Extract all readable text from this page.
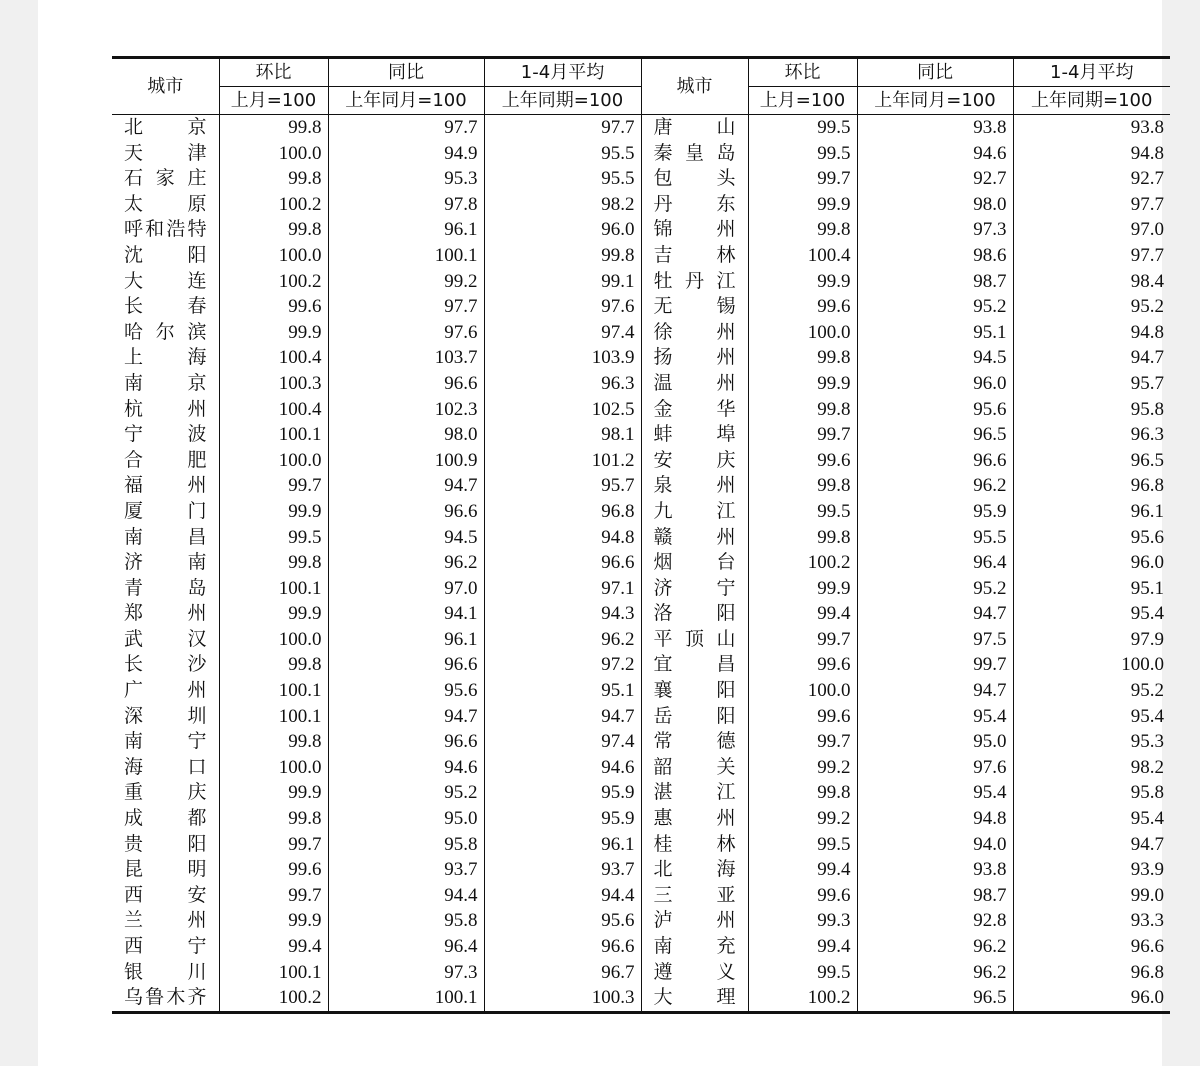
城市	环比	同比	1-4月平均	城市	环比	同比	1-4月平均
	上月=100	上年同月=100	上年同期=100		上月=100	上年同月=100	上年同期=100

北京	99.8	97.7	97.7	唐山	99.5	93.8	93.8

天津	100.0	94.9	95.5	秦皇岛	99.5	94.6	94.8

石家庄	99.8	95.3	95.5	包头	99.7	92.7	92.7

太原	100.2	97.8	98.2	丹东	99.9	98.0	97.7

呼和浩特	99.8	96.1	96.0	锦州	99.8	97.3	97.0

沈阳	100.0	100.1	99.8	吉林	100.4	98.6	97.7

大连	100.2	99.2	99.1	牡丹江	99.9	98.7	98.4

长春	99.6	97.7	97.6	无锡	99.6	95.2	95.2

哈尔滨	99.9	97.6	97.4	徐州	100.0	95.1	94.8

上海	100.4	103.7	103.9	扬州	99.8	94.5	94.7

南京	100.3	96.6	96.3	温州	99.9	96.0	95.7

杭州	100.4	102.3	102.5	金华	99.8	95.6	95.8

宁波	100.1	98.0	98.1	蚌埠	99.7	96.5	96.3

合肥	100.0	100.9	101.2	安庆	99.6	96.6	96.5

福州	99.7	94.7	95.7	泉州	99.8	96.2	96.8

厦门	99.9	96.6	96.8	九江	99.5	95.9	96.1

南昌	99.5	94.5	94.8	赣州	99.8	95.5	95.6

济南	99.8	96.2	96.6	烟台	100.2	96.4	96.0

青岛	100.1	97.0	97.1	济宁	99.9	95.2	95.1

郑州	99.9	94.1	94.3	洛阳	99.4	94.7	95.4

武汉	100.0	96.1	96.2	平顶山	99.7	97.5	97.9

长沙	99.8	96.6	97.2	宜昌	99.6	99.7	100.0

广州	100.1	95.6	95.1	襄阳	100.0	94.7	95.2

深圳	100.1	94.7	94.7	岳阳	99.6	95.4	95.4

南宁	99.8	96.6	97.4	常德	99.7	95.0	95.3

海口	100.0	94.6	94.6	韶关	99.2	97.6	98.2

重庆	99.9	95.2	95.9	湛江	99.8	95.4	95.8

成都	99.8	95.0	95.9	惠州	99.2	94.8	95.4

贵阳	99.7	95.8	96.1	桂林	99.5	94.0	94.7

昆明	99.6	93.7	93.7	北海	99.4	93.8	93.9

西安	99.7	94.4	94.4	三亚	99.6	98.7	99.0

兰州	99.9	95.8	95.6	泸州	99.3	92.8	93.3

西宁	99.4	96.4	96.6	南充	99.4	96.2	96.6

银川	100.1	97.3	96.7	遵义	99.5	96.2	96.8

乌鲁木齐	100.2	100.1	100.3	大理	100.2	96.5	96.0
